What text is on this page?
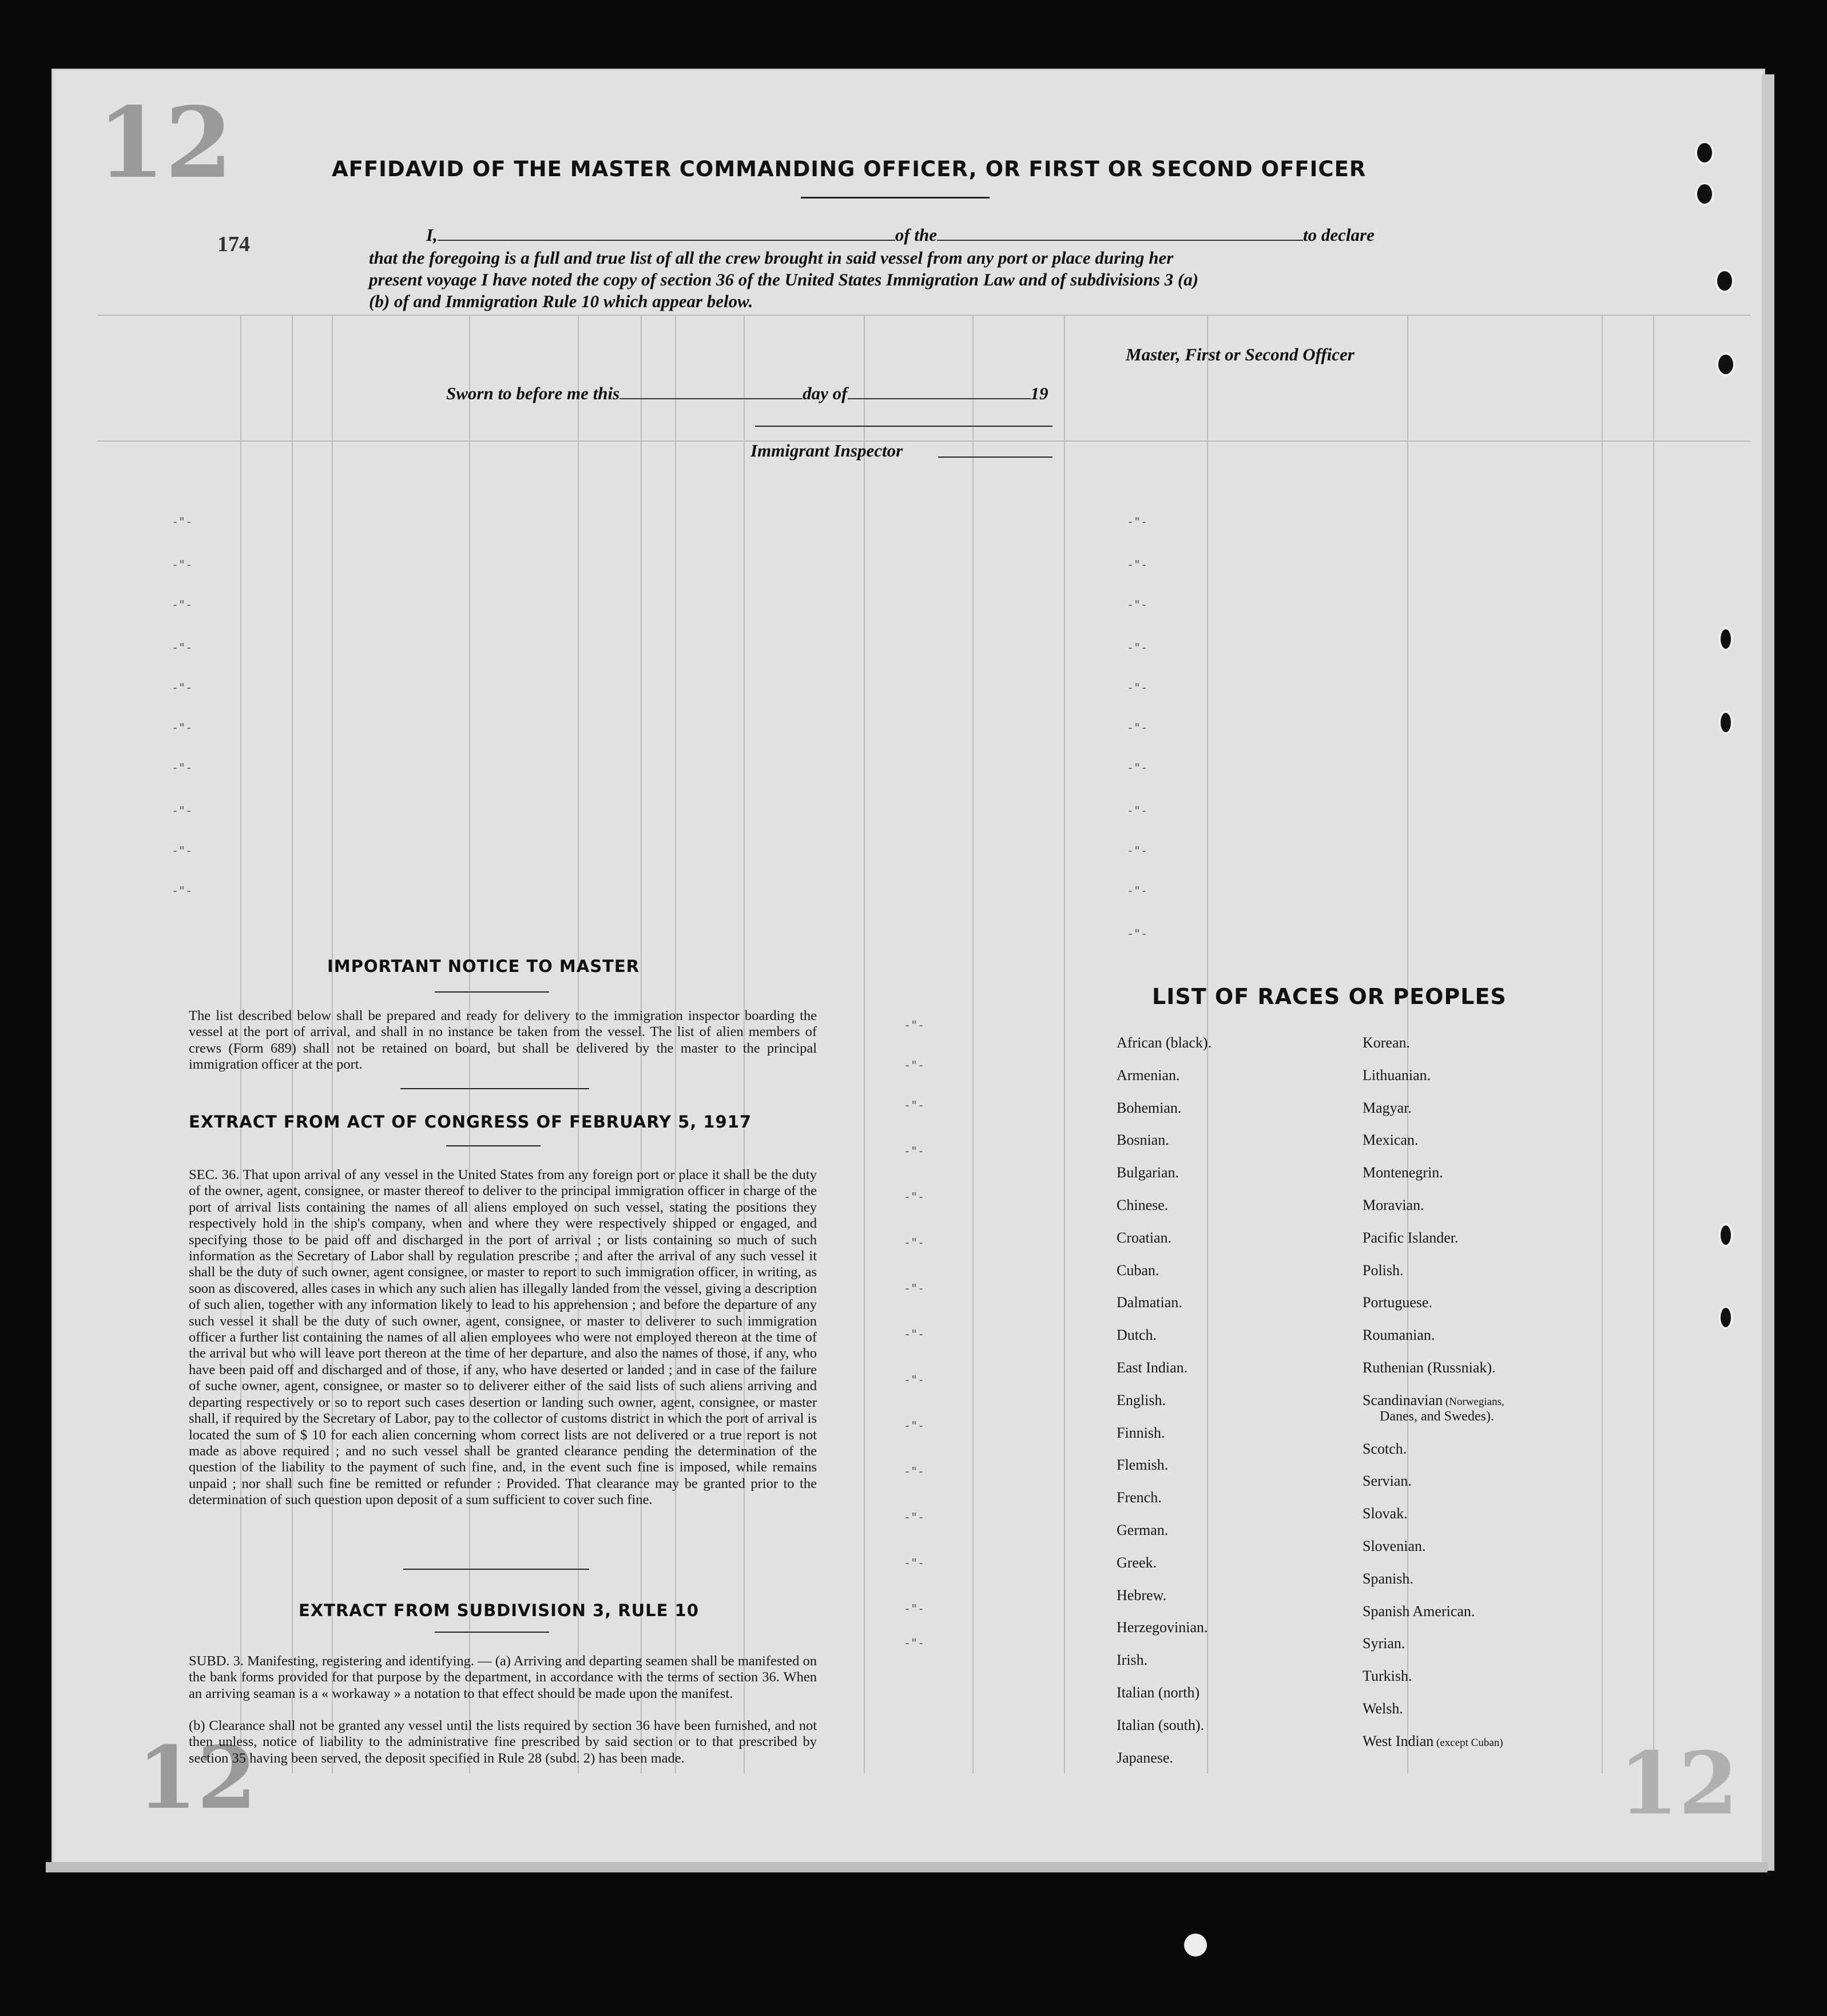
-"-
-"-
-"-
-"-
-"-
-"-
-"-
-"-
-"-
-"-
-"-
-"-
-"-
-"-
-"-
-"-
-"-
-"-
-"-
-"-
-"-
-"-
-"-
-"-
-"-
-"-
-"-
-"-
-"-
-"-
-"-
-"-
-"-
-"-
-"-
-"-
12
12	12
174
AFFIDAVID OF THE MASTER COMMANDING OFFICER, OR FIRST OR SECOND OFFICER
I,	of the	to declare
that the foregoing is a full and true list of all the crew brought in said vessel from any port or place during her
present voyage I have noted the copy of section 36 of the United States Immigration Law and of subdivisions 3 (a)
(b) of and Immigration Rule 10 which appear below.
Master, First or Second Officer
Sworn to before me this	day of	19
Immigrant Inspector
IMPORTANT NOTICE TO MASTER
The list described below shall be prepared and ready for delivery to the immigration inspector boarding the vessel at the port of arrival, and shall in no instance be taken from the vessel. The list of alien members of crews (Form 689) shall not be retained on board, but shall be delivered by the master to the principal immigration officer at the port.
EXTRACT FROM ACT OF CONGRESS OF FEBRUARY 5, 1917
SEC. 36. That upon arrival of any vessel in the United States from any foreign port or place it shall be the duty of the owner, agent, consignee, or master thereof to deliver to the principal immigration officer in charge of the port of arrival lists containing the names of all aliens employed on such vessel, stating the positions they respectively hold in the ship's company, when and where they were respectively shipped or engaged, and specifying those to be paid off and discharged in the port of arrival ; or lists containing so much of such information as the Secretary of Labor shall by regulation prescribe ; and after the arrival of any such vessel it shall be the duty of such owner, agent consignee, or master to report to such immigration officer, in writing, as soon as discovered, alles cases in which any such alien has illegally landed from the vessel, giving a description of such alien, together with any information likely to lead to his apprehension ; and before the departure of any such vessel it shall be the duty of such owner, agent, consignee, or master to deliverer to such immigration officer a further list containing the names of all alien employees who were not employed thereon at the time of the arrival but who will leave port thereon at the time of her departure, and also the names of those, if any, who have been paid off and discharged and of those, if any, who have deserted or landed ; and in case of the failure of suche owner, agent, consignee, or master so to deliverer either of the said lists of such aliens arriving and departing respectively or so to report such cases desertion or landing such owner, agent, consignee, or master shall, if required by the Secretary of Labor, pay to the collector of customs district in which the port of arrival is located the sum of $ 10 for each alien concerning whom correct lists are not delivered or a true report is not made as above required ; and no such vessel shall be granted clearance pending the determination of the question of the liability to the payment of such fine, and, in the event such fine is imposed, while remains unpaid ; nor shall such fine be remitted or refunder : Provided. That clearance may be granted prior to the determination of such question upon deposit of a sum sufficient to cover such fine.
EXTRACT FROM SUBDIVISION 3, RULE 10
SUBD. 3. Manifesting, registering and identifying. — (a) Arriving and departing seamen shall be manifested on the bank forms provided for that purpose by the department, in accordance with the terms of section 36. When an arriving seaman is a « workaway » a notation to that effect should be made upon the manifest.
(b) Clearance shall not be granted any vessel until the lists required by section 36 have been furnished, and not then unless, notice of liability to the administrative fine prescribed by said section or to that prescribed by section 35 having been served, the deposit specified in Rule 28 (subd. 2) has been made.
LIST OF RACES OR PEOPLES
African (black).
Armenian.
Bohemian.
Bosnian.
Bulgarian.
Chinese.
Croatian.
Cuban.
Dalmatian.
Dutch.
East Indian.
English.
Finnish.
Flemish.
French.
German.
Greek.
Hebrew.
Herzegovinian.
Irish.
Italian (north)
Italian (south).
Japanese.
Korean.
Lithuanian.
Magyar.
Mexican.
Montenegrin.
Moravian.
Pacific Islander.
Polish.
Portuguese.
Roumanian.
Ruthenian (Russniak).
Scandinavian (Norwegians,
Scotch.
Servian.
Slovak.
Slovenian.
Spanish.
Spanish American.
Syrian.
Turkish.
Welsh.
West Indian (except Cuban)
Danes, and Swedes).
